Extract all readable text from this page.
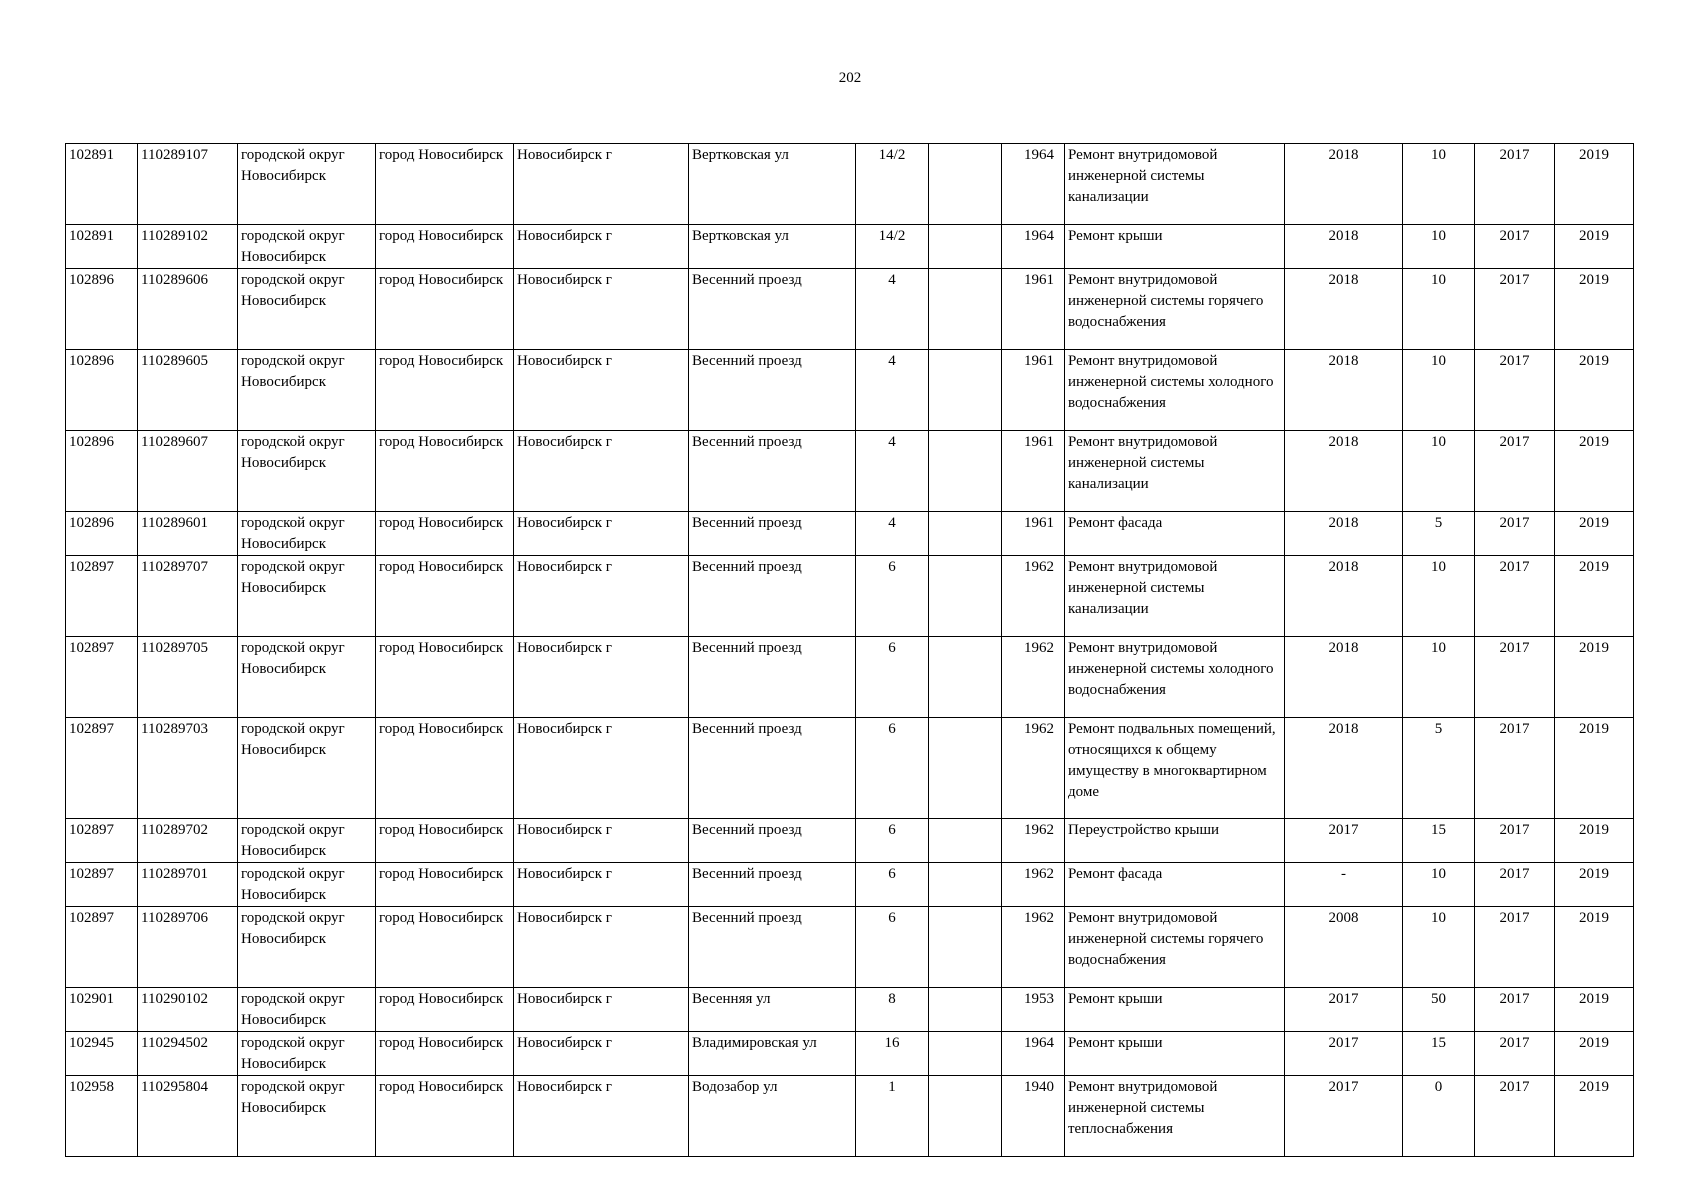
202
102891	110289107	городской округ Новосибирск	город Новосибирск	Новосибирск г	Вертковская ул	14/2		1964	Ремонт внутридомовой инженерной системы канализации	2018	10	2017	2019
102891	110289102	городской округ Новосибирск	город Новосибирск	Новосибирск г	Вертковская ул	14/2		1964	Ремонт крыши	2018	10	2017	2019
102896	110289606	городской округ Новосибирск	город Новосибирск	Новосибирск г	Весенний проезд	4		1961	Ремонт внутридомовой инженерной системы горячего водоснабжения	2018	10	2017	2019
102896	110289605	городской округ Новосибирск	город Новосибирск	Новосибирск г	Весенний проезд	4		1961	Ремонт внутридомовой инженерной системы холодного водоснабжения	2018	10	2017	2019
102896	110289607	городской округ Новосибирск	город Новосибирск	Новосибирск г	Весенний проезд	4		1961	Ремонт внутридомовой инженерной системы канализации	2018	10	2017	2019
102896	110289601	городской округ Новосибирск	город Новосибирск	Новосибирск г	Весенний проезд	4		1961	Ремонт фасада	2018	5	2017	2019
102897	110289707	городской округ Новосибирск	город Новосибирск	Новосибирск г	Весенний проезд	6		1962	Ремонт внутридомовой инженерной системы канализации	2018	10	2017	2019
102897	110289705	городской округ Новосибирск	город Новосибирск	Новосибирск г	Весенний проезд	6		1962	Ремонт внутридомовой инженерной системы холодного водоснабжения	2018	10	2017	2019
102897	110289703	городской округ Новосибирск	город Новосибирск	Новосибирск г	Весенний проезд	6		1962	Ремонт подвальных помещений, относящихся к общему имуществу в многоквартирном доме	2018	5	2017	2019
102897	110289702	городской округ Новосибирск	город Новосибирск	Новосибирск г	Весенний проезд	6		1962	Переустройство крыши	2017	15	2017	2019
102897	110289701	городской округ Новосибирск	город Новосибирск	Новосибирск г	Весенний проезд	6		1962	Ремонт фасада	-	10	2017	2019
102897	110289706	городской округ Новосибирск	город Новосибирск	Новосибирск г	Весенний проезд	6		1962	Ремонт внутридомовой инженерной системы горячего водоснабжения	2008	10	2017	2019
102901	110290102	городской округ Новосибирск	город Новосибирск	Новосибирск г	Весенняя ул	8		1953	Ремонт крыши	2017	50	2017	2019
102945	110294502	городской округ Новосибирск	город Новосибирск	Новосибирск г	Владимировская ул	16		1964	Ремонт крыши	2017	15	2017	2019
102958	110295804	городской округ Новосибирск	город Новосибирск	Новосибирск г	Водозабор ул	1		1940	Ремонт внутридомовой инженерной системы теплоснабжения	2017	0	2017	2019
